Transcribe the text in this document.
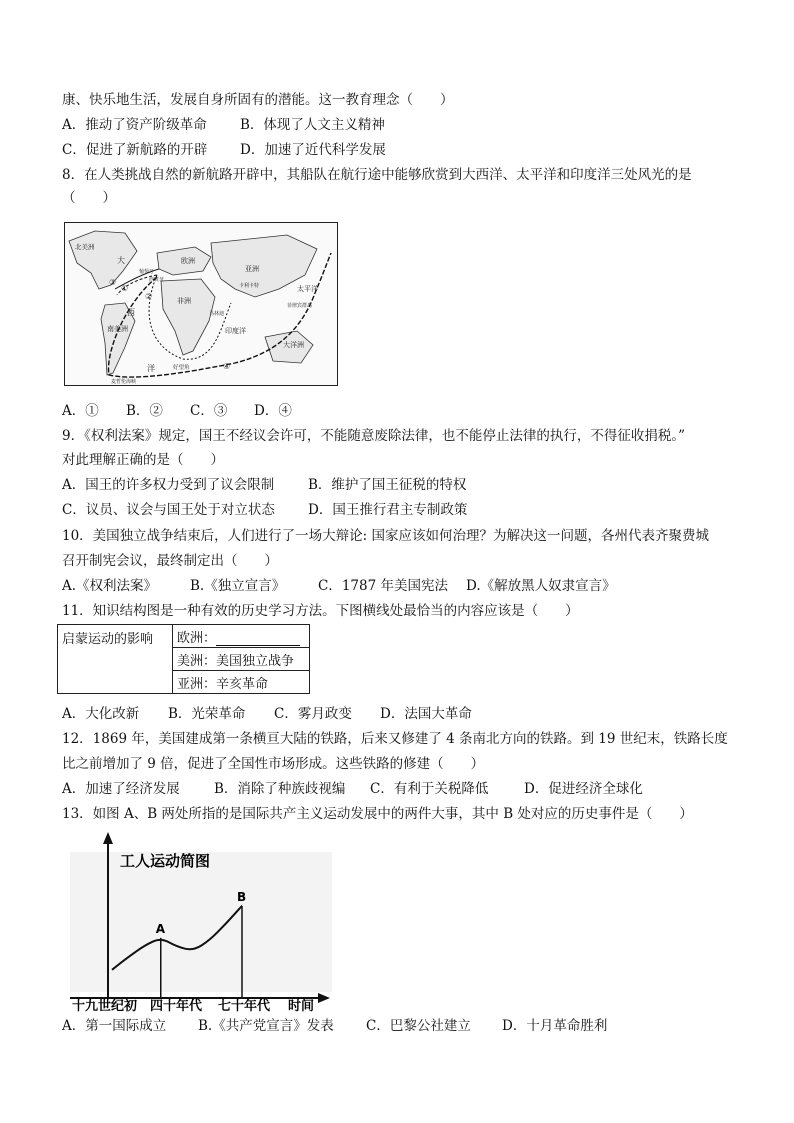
康、快乐地生活，发展自身所固有的潜能。这一教育理念（　　）
A．推动了资产阶级革命 B．体现了人文主义精神
C．促进了新航路的开辟 D．加速了近代科学发展
8．在人类挑战自然的新航路开辟中，其船队在航行途中能够欣赏到大西洋、太平洋和印度洋三处风光的是
（　　）
北美洲
大
西
洋
欧洲
亚洲
非洲
南美洲
太平洋
印度洋
大洋洲
葡萄牙
西班牙
好望角
麦哲伦海峡
卡利卡特
菲律宾群岛
马林迪
①
②
③
④
A．① B．② C．③ D．④
9．《权利法案》规定，国王不经议会许可，不能随意废除法律，也不能停止法律的执行，不得征收捐税。”
对此理解正确的是（　　）
A．国王的许多权力受到了议会限制	B．维护了国王征税的特权
C．议员、议会与国王处于对立状态 D．国王推行君主专制政策
10．美国独立战争结束后，人们进行了一场大辩论: 国家应该如何治理？为解决这一问题，各州代表齐聚费城
召开制宪会议，最终制定出（　　）
A.《权利法案》 B.《独立宣言》 C．1787 年美国宪法 D.《解放黑人奴隶宣言》
11．知识结构图是一种有效的历史学习方法。下图横线处最恰当的内容应该是（　　）
启蒙运动的影响	欧洲：
美洲：美国独立战争
亚洲：辛亥革命
A．大化改新 B．光荣革命 C．雾月政变 D．法国大革命
12．1869 年，美国建成第一条横亘大陆的铁路，后来又修建了 4 条南北方向的铁路。到 19 世纪末，铁路长度
比之前增加了 9 倍，促进了全国性市场形成。这些铁路的修建（　　）
A．加速了经济发展	B．消除了种族歧视编 C．有利于关税降低	D．促进经济全球化
13．如图 A、B 两处所指的是国际共产主义运动发展中的两件大事，其中 B 处对应的历史事件是（　　）
工人运动简图
A
B
十九世纪初 四十年代 七十年代 时间
A．第一国际成立 B.《共产党宣言》发表 C．巴黎公社建立 D．十月革命胜利
